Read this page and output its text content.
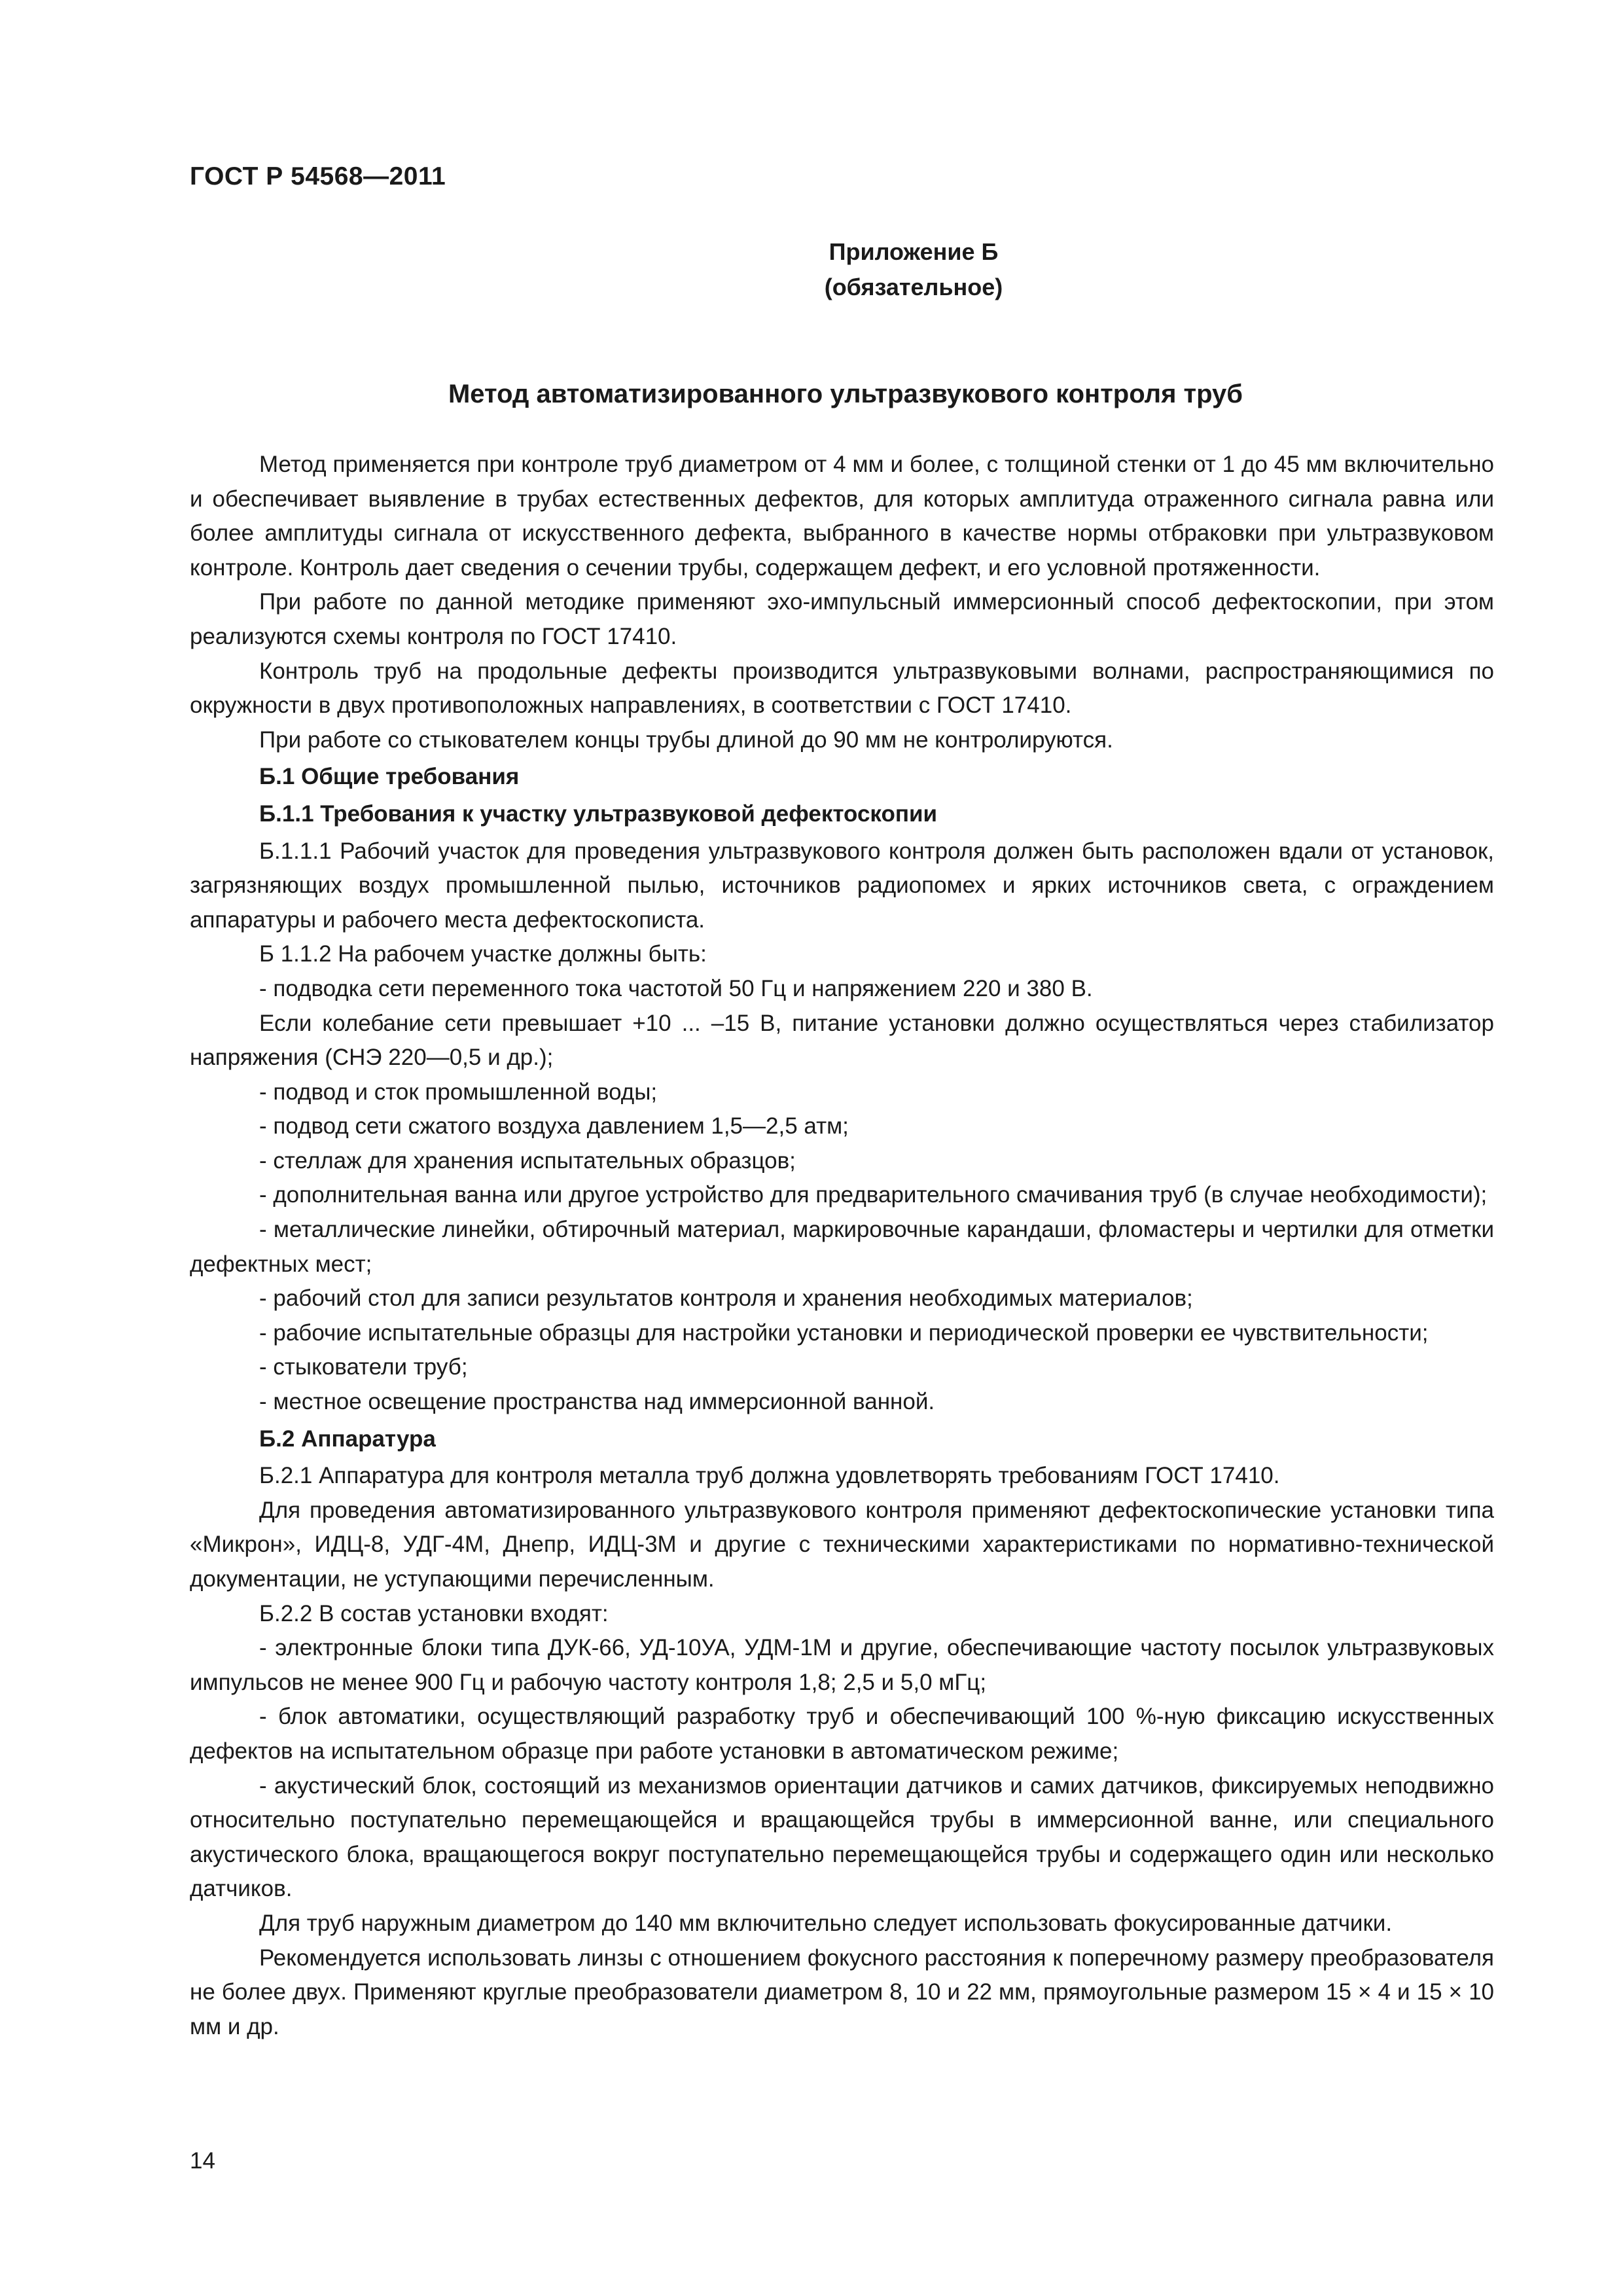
ГОСТ Р 54568—2011
Приложение Б
(обязательное)
Метод автоматизированного ультразвукового контроля труб

Метод применяется при контроле труб диаметром от 4 мм и более, с толщиной стенки от 1 до 45 мм включительно и обеспечивает выявление в трубах естественных дефектов, для которых амплитуда отраженного сигнала равна или более амплитуды сигнала от искусственного дефекта, выбранного в качестве нормы отбраковки при ультразвуковом контроле. Контроль дает сведения о сечении трубы, содержащем дефект, и его условной протяженности.

При работе по данной методике применяют эхо-импульсный иммерсионный способ дефектоскопии, при этом реализуются схемы контроля по ГОСТ 17410.

Контроль труб на продольные дефекты производится ультразвуковыми волнами, распространяющимися по окружности в двух противоположных направлениях, в соответствии с ГОСТ 17410.

При работе со стыкователем концы трубы длиной до 90 мм не контролируются.

Б.1 Общие требования

Б.1.1 Требования к участку ультразвуковой дефектоскопии

Б.1.1.1 Рабочий участок для проведения ультразвукового контроля должен быть расположен вдали от установок, загрязняющих воздух промышленной пылью, источников радиопомех и ярких источников света, с ограждением аппаратуры и рабочего места дефектоскописта.

Б 1.1.2 На рабочем участке должны быть:

- подводка сети переменного тока частотой 50 Гц и напряжением 220 и 380 В.

Если колебание сети превышает +10 ... –15 В, питание установки должно осуществляться через стабилизатор напряжения (СНЭ 220—0,5 и др.);

- подвод и сток промышленной воды;

- подвод сети сжатого воздуха давлением 1,5—2,5 атм;

- стеллаж для хранения испытательных образцов;

- дополнительная ванна или другое устройство для предварительного смачивания труб (в случае необходимости);

- металлические линейки, обтирочный материал, маркировочные карандаши, фломастеры и чертилки для отметки дефектных мест;

- рабочий стол для записи результатов контроля и хранения необходимых материалов;

- рабочие испытательные образцы для настройки установки и периодической проверки ее чувствительности;

- стыкователи труб;

- местное освещение пространства над иммерсионной ванной.

Б.2 Аппаратура

Б.2.1 Аппаратура для контроля металла труб должна удовлетворять требованиям ГОСТ 17410.

Для проведения автоматизированного ультразвукового контроля применяют дефектоскопические установки типа «Микрон», ИДЦ-8, УДГ-4М, Днепр, ИДЦ-3М и другие с техническими характеристиками по нормативно-технической документации, не уступающими перечисленным.

Б.2.2 В состав установки входят:

- электронные блоки типа ДУК-66, УД-10УА, УДМ-1М и другие, обеспечивающие частоту посылок ультразвуковых импульсов не менее 900 Гц и рабочую частоту контроля 1,8; 2,5 и 5,0 мГц;

- блок автоматики, осуществляющий разработку труб и обеспечивающий 100 %-ную фиксацию искусственных дефектов на испытательном образце при работе установки в автоматическом режиме;

- акустический блок, состоящий из механизмов ориентации датчиков и самих датчиков, фиксируемых неподвижно относительно поступательно перемещающейся и вращающейся трубы в иммерсионной ванне, или специального акустического блока, вращающегося вокруг поступательно перемещающейся трубы и содержащего один или несколько датчиков.

Для труб наружным диаметром до 140 мм включительно следует использовать фокусированные датчики.

Рекомендуется использовать линзы с отношением фокусного расстояния к поперечному размеру преобразователя не более двух. Применяют круглые преобразователи диаметром 8, 10 и 22 мм, прямоугольные размером 15 × 4 и 15 × 10 мм и др.

14
